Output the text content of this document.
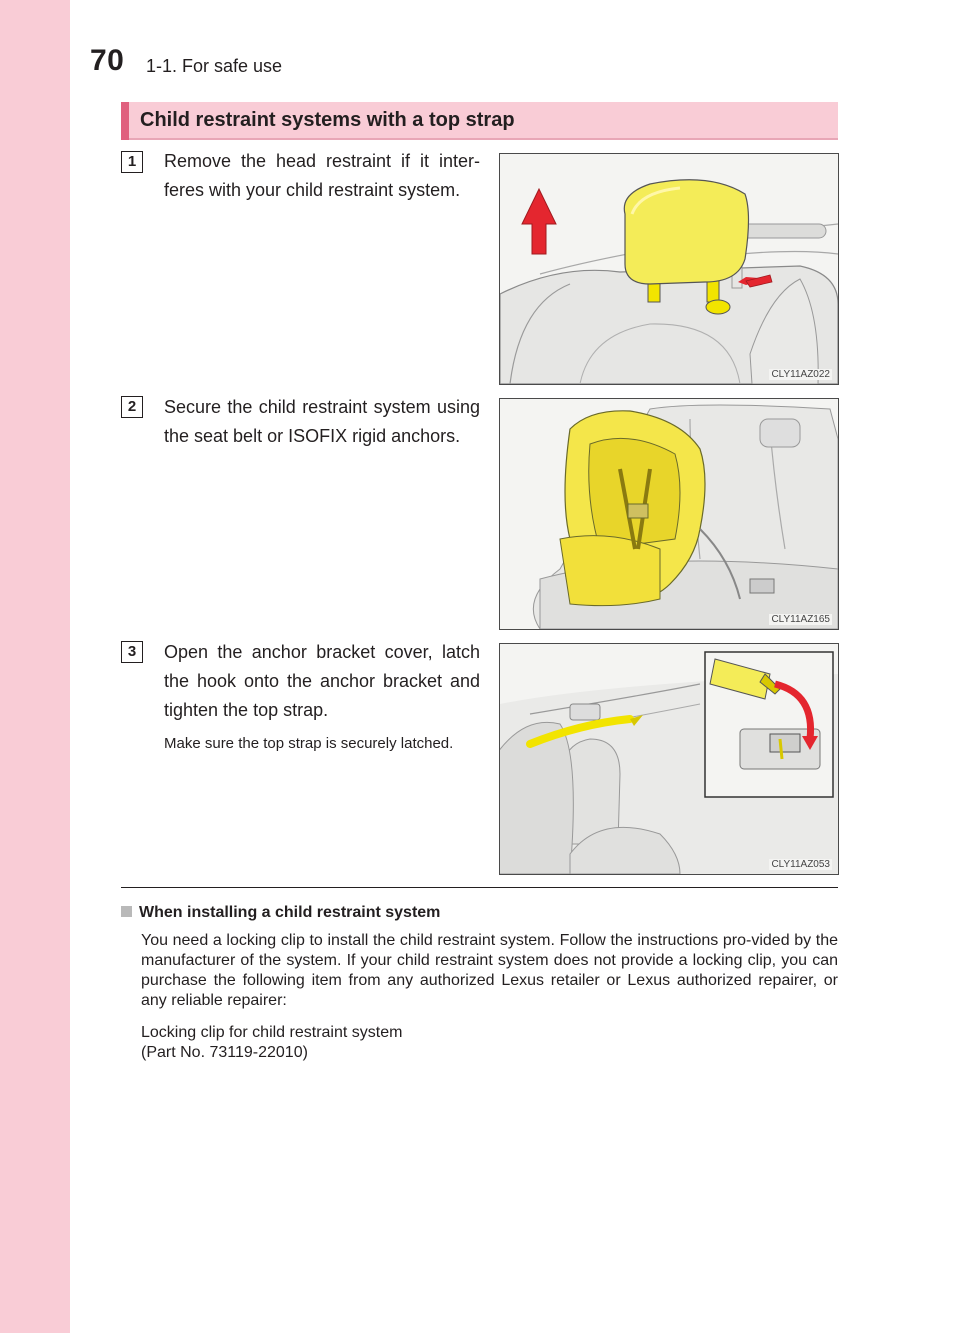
70 1-1. For safe use
Child restraint systems with a top strap
1	Remove the head restraint if it inter-feres with your child restraint system.
CLY11AZ022
2	Secure the child restraint system using the seat belt or ISOFIX rigid anchors.
CLY11AZ165
3	Open the anchor bracket cover, latch the hook onto the anchor bracket and tighten the top strap.
Make sure the top strap is securely latched.
CLY11AZ053
When installing a child restraint system
You need a locking clip to install the child restraint system. Follow the instructions pro-vided by the manufacturer of the system. If your child restraint system does not provide a locking clip, you can purchase the following item from any authorized Lexus retailer or Lexus authorized repairer, or any reliable repairer:
Locking clip for child restraint system
(Part No. 73119-22010)
